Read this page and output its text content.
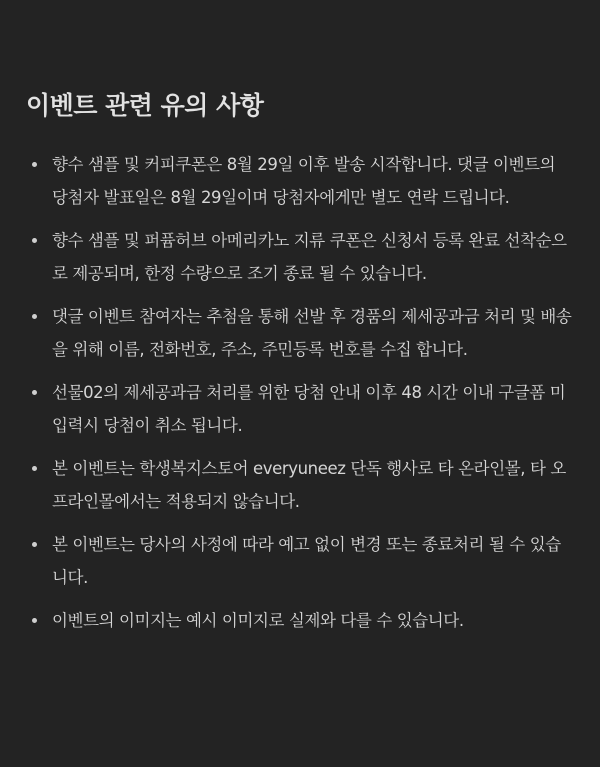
이벤트 관련 유의 사항
향수 샘플 및 커피쿠폰은 8월 29일 이후 발송 시작합니다. 댓글 이벤트의 당첨자 발표일은 8월 29일이며 당첨자에게만 별도 연락 드립니다.
향수 샘플 및 퍼퓸허브 아메리카노 지류 쿠폰은 신청서 등록 완료 선착순으로 제공되며, 한정 수량으로 조기 종료 될 수 있습니다.
댓글 이벤트 참여자는 추첨을 통해 선발 후 경품의 제세공과금 처리 및 배송을 위해 이름, 전화번호, 주소, 주민등록 번호를 수집 합니다.
선물02의 제세공과금 처리를 위한 당첨 안내 이후 48 시간 이내 구글폼 미입력시 당첨이 취소 됩니다.
본 이벤트는 학생복지스토어 everyuneez 단독 행사로 타 온라인몰, 타 오프라인몰에서는 적용되지 않습니다.
본 이벤트는 당사의 사정에 따라 예고 없이 변경 또는 종료처리 될 수 있습니다.
이벤트의 이미지는 예시 이미지로 실제와 다를 수 있습니다.
